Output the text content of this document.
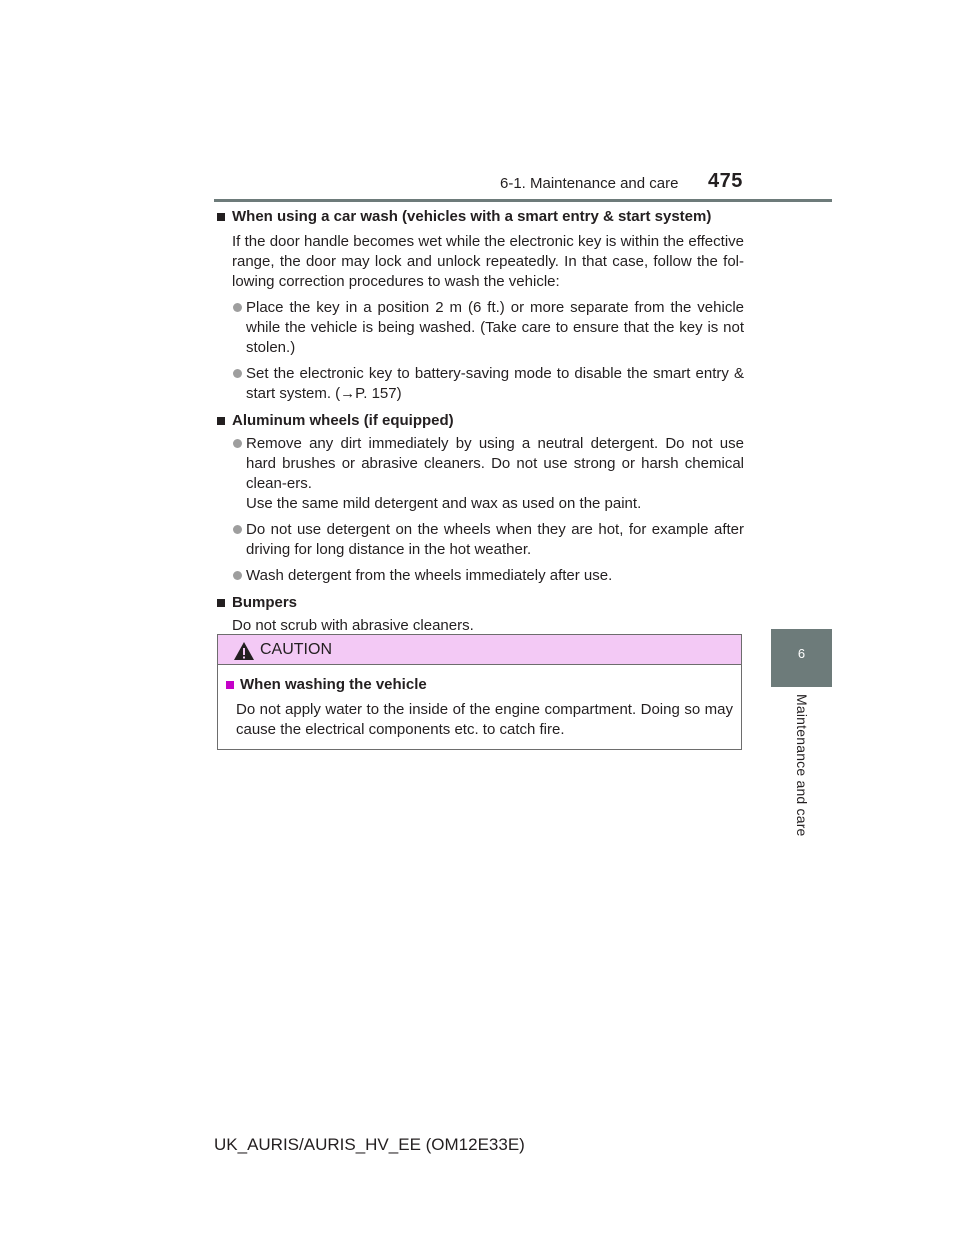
6-1. Maintenance and care 475
6
Maintenance and care
When using a car wash (vehicles with a smart entry & start system)
If the door handle becomes wet while the electronic key is within the effective range, the door may lock and unlock repeatedly. In that case, follow the fol-lowing correction procedures to wash the vehicle:
Place the key in a position 2 m (6 ft.) or more separate from the vehicle while the vehicle is being washed. (Take care to ensure that the key is not stolen.)
Set the electronic key to battery-saving mode to disable the smart entry & start system. (→P. 157)
Aluminum wheels (if equipped)
Remove any dirt immediately by using a neutral detergent. Do not use hard brushes or abrasive cleaners. Do not use strong or harsh chemical clean-ers.
Use the same mild detergent and wax as used on the paint.
Do not use detergent on the wheels when they are hot, for example after driving for long distance in the hot weather.
Wash detergent from the wheels immediately after use.
Bumpers
Do not scrub with abrasive cleaners.
CAUTION
When washing the vehicle
Do not apply water to the inside of the engine compartment. Doing so may cause the electrical components etc. to catch fire.
UK_AURIS/AURIS_HV_EE (OM12E33E)
